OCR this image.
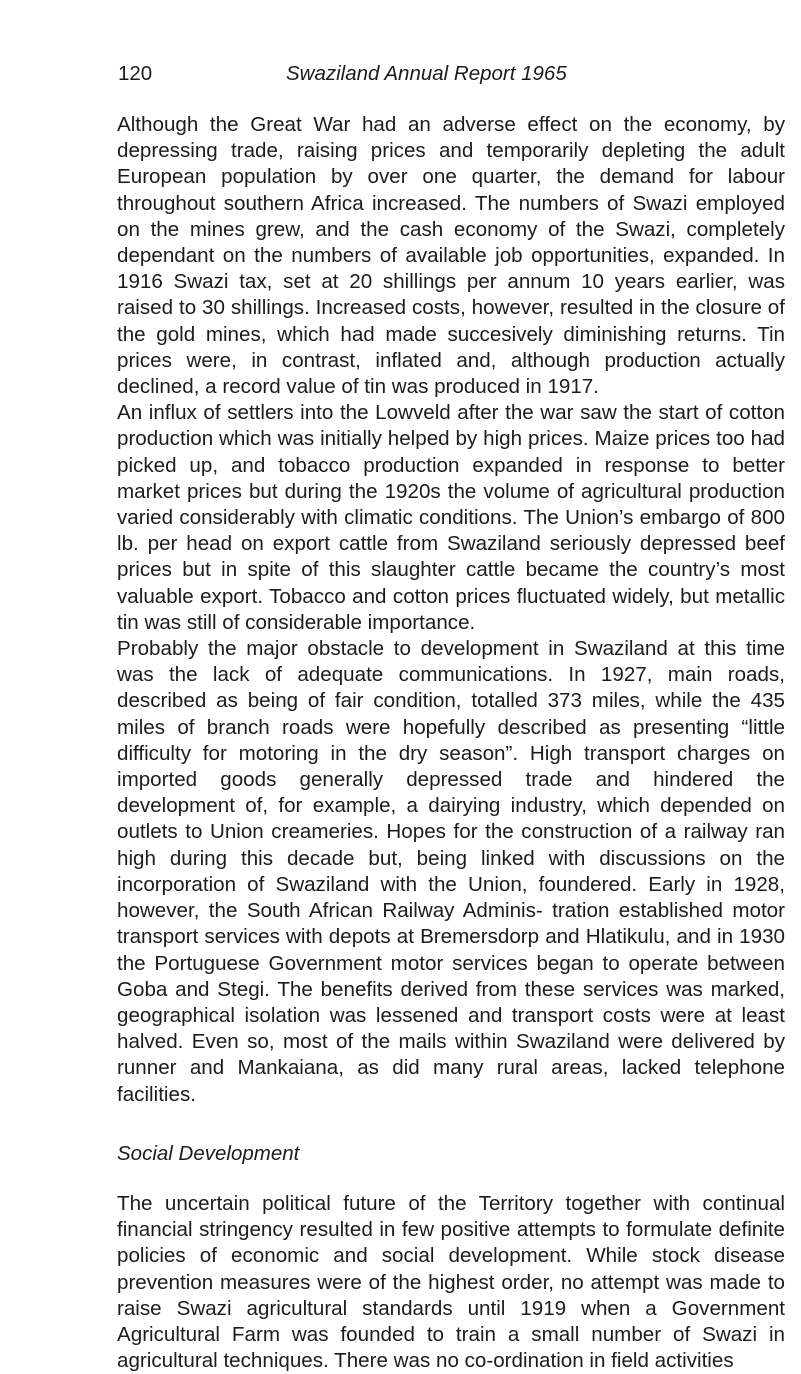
120	Swaziland Annual Report 1965

Although the Great War had an adverse effect on the economy, by depressing trade, raising prices and temporarily depleting the adult European population by over one quarter, the demand for labour throughout southern Africa increased. The numbers of Swazi employed on the mines grew, and the cash economy of the Swazi, completely dependant on the numbers of available job opportunities, expanded. In 1916 Swazi tax, set at 20 shillings per annum 10 years earlier, was raised to 30 shillings. Increased costs, however, resulted in the closure of the gold mines, which had made succesively diminishing returns. Tin prices were, in contrast, inflated and, although production actually declined, a record value of tin was produced in 1917.

An influx of settlers into the Lowveld after the war saw the start of cotton production which was initially helped by high prices. Maize prices too had picked up, and tobacco production expanded in response to better market prices but during the 1920s the volume of agricultural production varied considerably with climatic conditions. The Union’s embargo of 800 lb. per head on export cattle from Swaziland seriously depressed beef prices but in spite of this slaughter cattle became the country’s most valuable export. Tobacco and cotton prices fluctuated widely, but metallic tin was still of considerable importance.

Probably the major obstacle to development in Swaziland at this time was the lack of adequate communications. In 1927, main roads, described as being of fair condition, totalled 373 miles, while the 435 miles of branch roads were hopefully described as presenting “little difficulty for motoring in the dry season”. High transport charges on imported goods generally depressed trade and hindered the development of, for example, a dairying industry, which depended on outlets to Union creameries. Hopes for the construction of a railway ran high during this decade but, being linked with discussions on the incorporation of Swaziland with the Union, foundered. Early in 1928, however, the South African Railway Adminis- tration established motor transport services with depots at Bremersdorp and Hlatikulu, and in 1930 the Portuguese Government motor services began to operate between Goba and Stegi. The benefits derived from these services was marked, geographical isolation was lessened and transport costs were at least halved. Even so, most of the mails within Swaziland were delivered by runner and Mankaiana, as did many rural areas, lacked telephone facilities.

Social Development

The uncertain political future of the Territory together with continual financial stringency resulted in few positive attempts to formulate definite policies of economic and social development. While stock disease prevention measures were of the highest order, no attempt was made to raise Swazi agricultural standards until 1919 when a Government Agricultural Farm was founded to train a small number of Swazi in agricultural techniques. There was no co-ordination in field activities
